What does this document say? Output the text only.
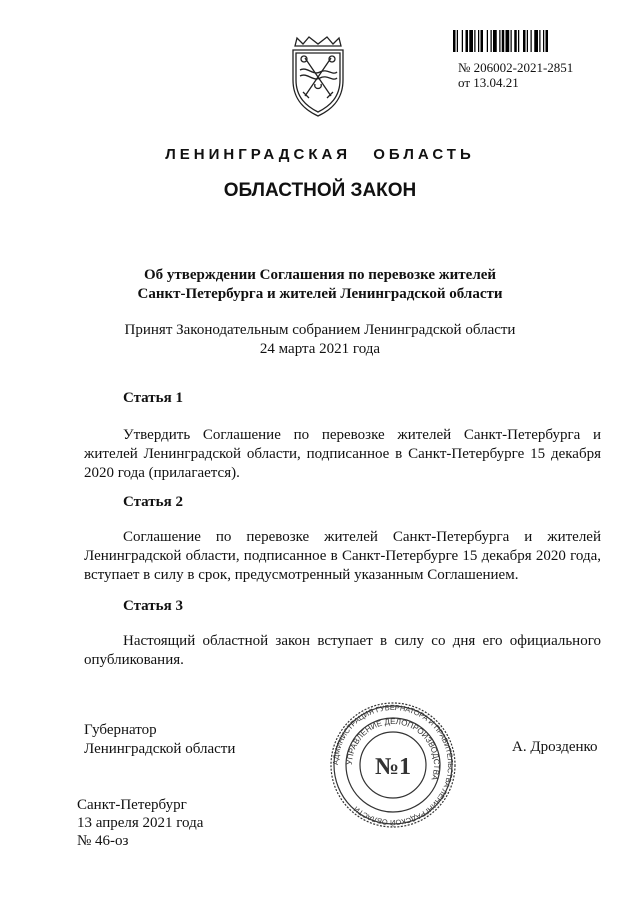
№ 206002-2021-2851
от 13.04.21
ЛЕНИНГРАДСКАЯ ОБЛАСТЬ
ОБЛАСТНОЙ ЗАКОН
Об утверждении Соглашения по перевозке жителей
Санкт-Петербурга и жителей Ленинградской области
Принят Законодательным собранием Ленинградской области
24 марта 2021 года
Статья 1
Утвердить Соглашение по перевозке жителей Санкт-Петербурга и жителей Ленинградской области, подписанное в Санкт-Петербурге 15 декабря 2020 года (прилагается).
Статья 2
Соглашение по перевозке жителей Санкт-Петербурга и жителей Ленинградской области, подписанное в Санкт-Петербурге 15 декабря 2020 года, вступает в силу в срок, предусмотренный указанным Соглашением.
Статья 3
Настоящий областной закон вступает в силу со дня его официального опубликования.
Губернатор
Ленинградской области
АДМИНИСТРАЦИЯ ГУБЕРНАТОРА И ПРАВИТЕЛЬСТВА ЛЕНИНГРАДСКОЙ ОБЛАСТИ
УПРАВЛЕНИЕ ДЕЛОПРОИЗВОДСТВА
№1
А. Дрозденко
Санкт-Петербург
13 апреля 2021 года
№ 46-оз
